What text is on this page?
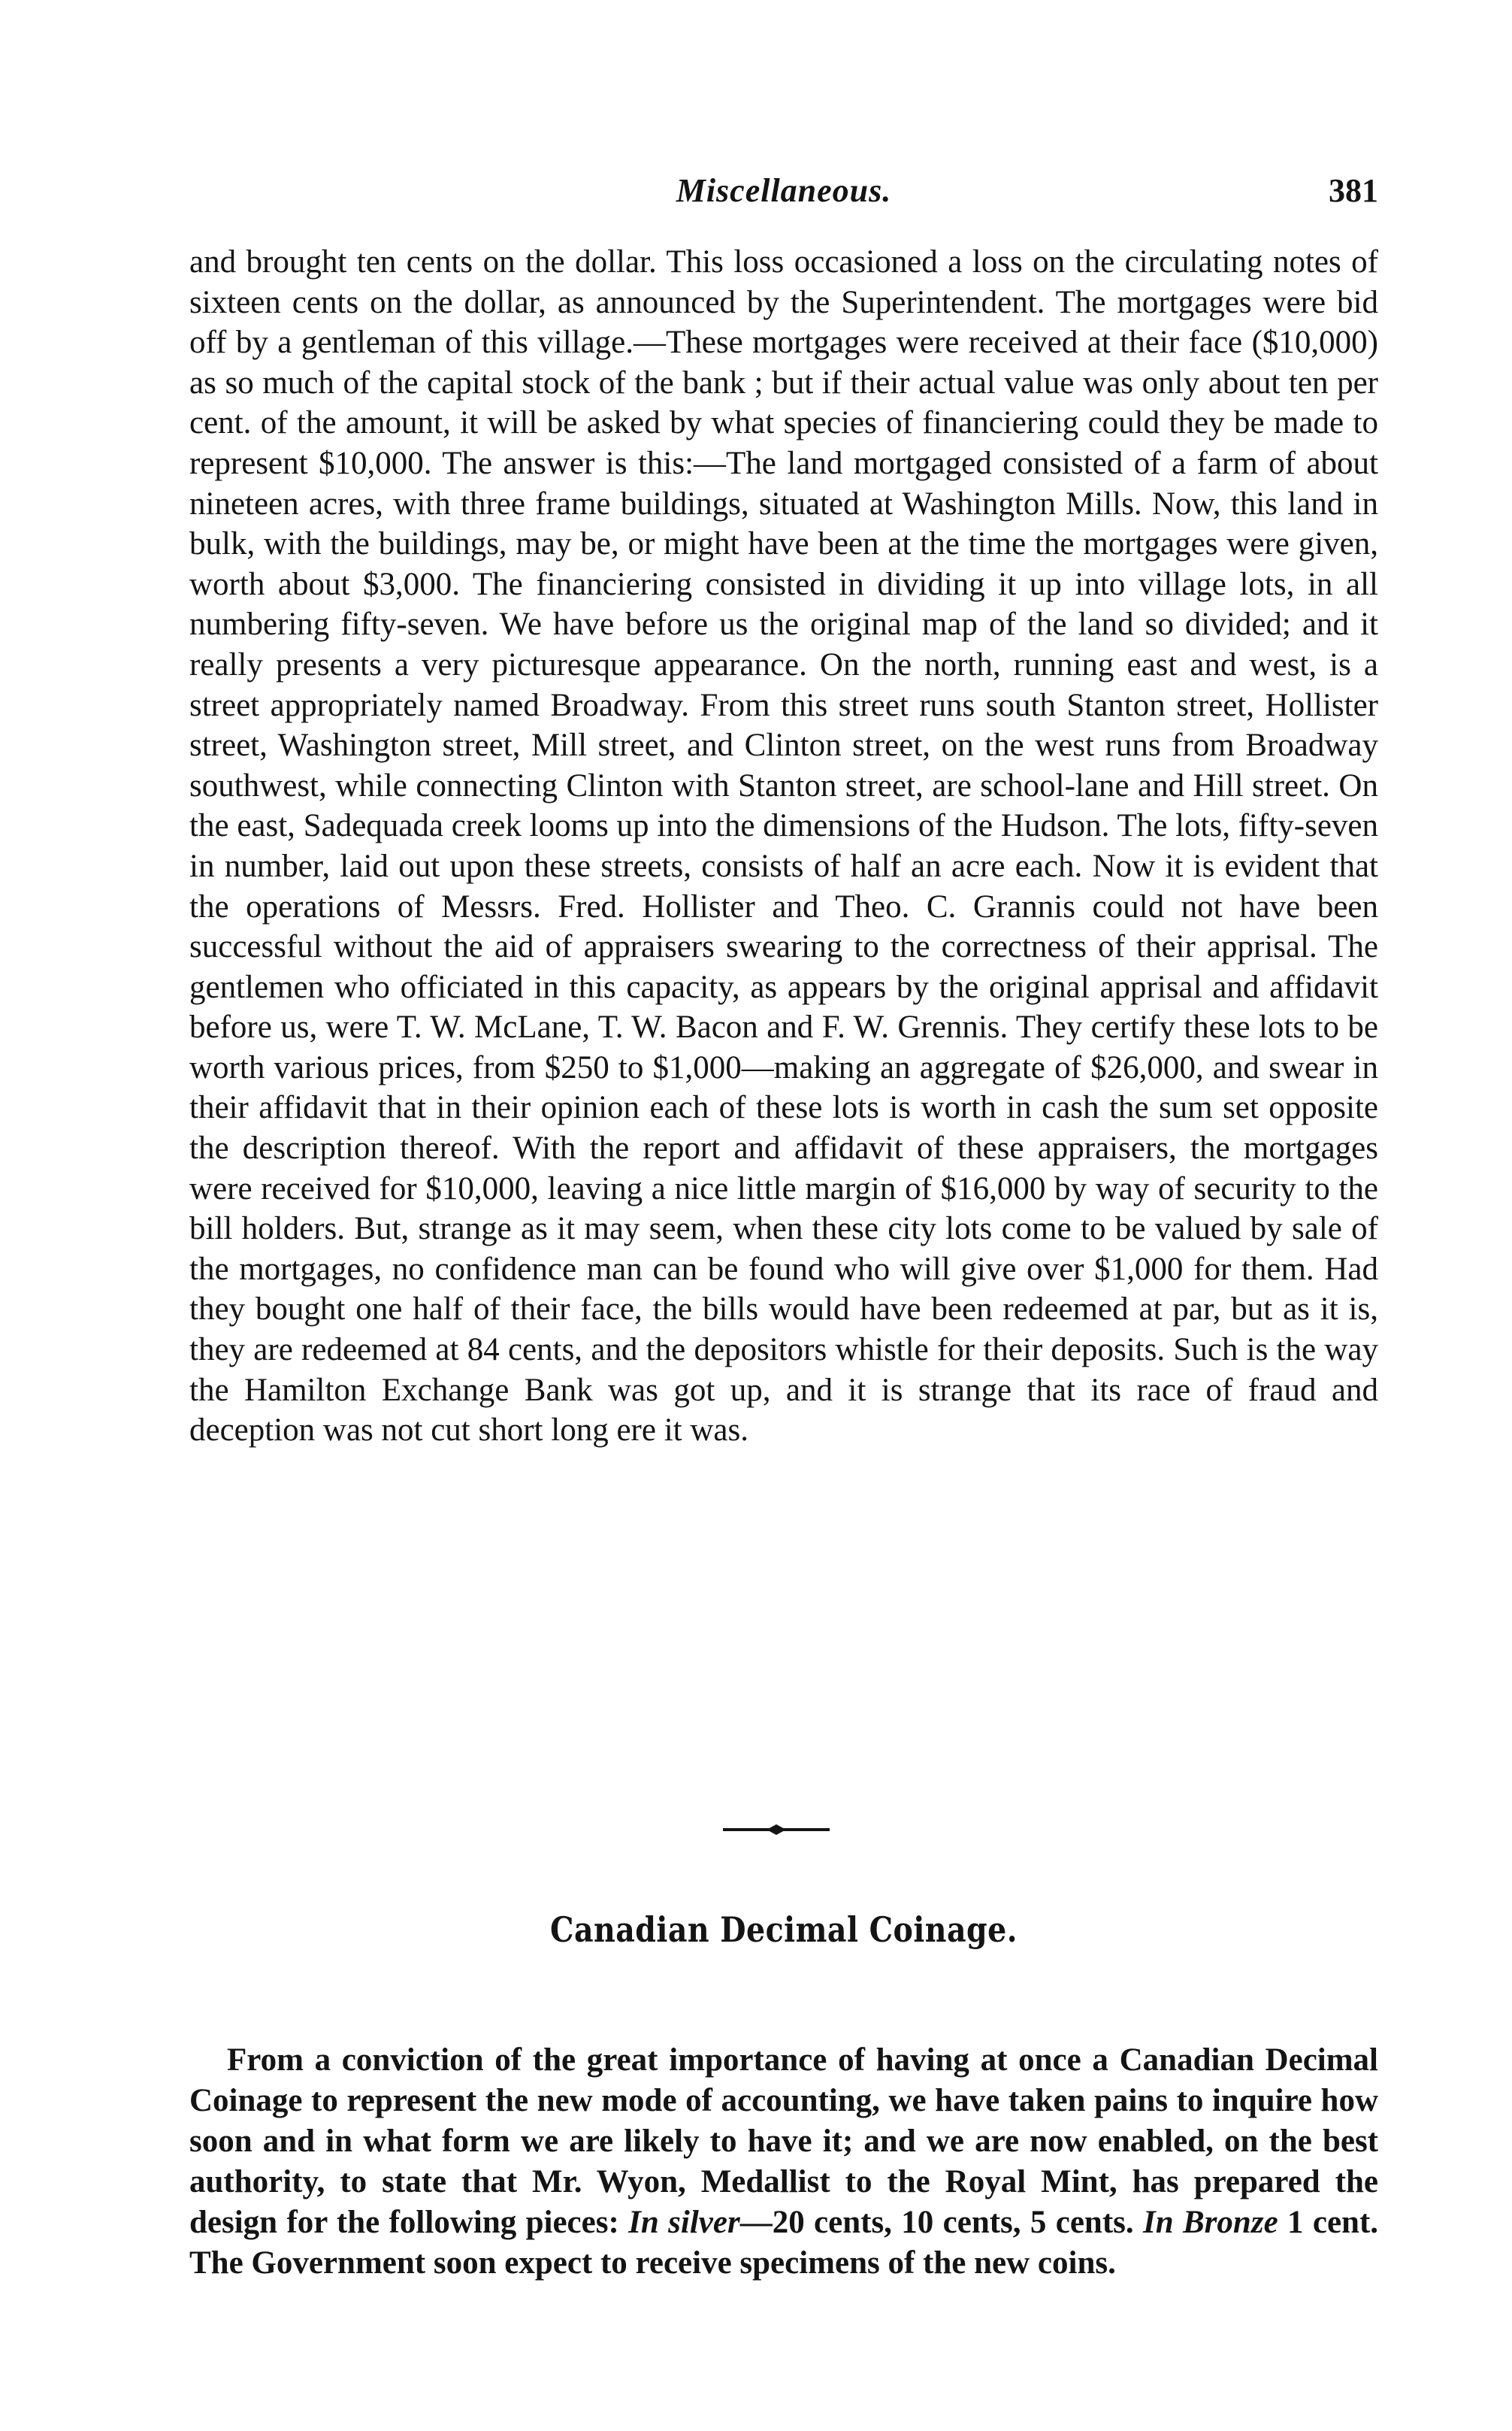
Miscellaneous.	381

and brought ten cents on the dollar. This loss occasioned a loss on the circulating notes of sixteen cents on the dollar, as announced by the Superintendent. The mortgages were bid off by a gentleman of this village.—These mortgages were received at their face ($10,000) as so much of the capital stock of the bank ; but if their actual value was only about ten per cent. of the amount, it will be asked by what species of financiering could they be made to represent $10,000. The answer is this:—The land mortgaged consisted of a farm of about nineteen acres, with three frame buildings, situated at Washington Mills. Now, this land in bulk, with the buildings, may be, or might have been at the time the mortgages were given, worth about $3,000. The financiering consisted in dividing it up into village lots, in all numbering fifty-seven. We have before us the original map of the land so divided; and it really presents a very picturesque appearance. On the north, running east and west, is a street appropriately named Broadway. From this street runs south Stanton street, Hollister street, Washington street, Mill street, and Clinton street, on the west runs from Broadway southwest, while connecting Clinton with Stanton street, are school-lane and Hill street. On the east, Sadequada creek looms up into the dimensions of the Hudson. The lots, fifty-seven in number, laid out upon these streets, consists of half an acre each. Now it is evident that the operations of Messrs. Fred. Hollister and Theo. C. Grannis could not have been successful without the aid of appraisers swearing to the correctness of their apprisal. The gentlemen who officiated in this capacity, as appears by the original apprisal and affidavit before us, were T. W. McLane, T. W. Bacon and F. W. Grennis. They certify these lots to be worth various prices, from $250 to $1,000—making an aggregate of $26,000, and swear in their affidavit that in their opinion each of these lots is worth in cash the sum set opposite the description thereof. With the report and affidavit of these appraisers, the mortgages were received for $10,000, leaving a nice little margin of $16,000 by way of security to the bill holders. But, strange as it may seem, when these city lots come to be valued by sale of the mortgages, no confidence man can be found who will give over $1,000 for them. Had they bought one half of their face, the bills would have been redeemed at par, but as it is, they are redeemed at 84 cents, and the depositors whistle for their deposits. Such is the way the Hamilton Exchange Bank was got up, and it is strange that its race of fraud and deception was not cut short long ere it was.

Canadian Decimal Coinage.

From a conviction of the great importance of having at once a Canadian Decimal Coinage to represent the new mode of accounting, we have taken pains to inquire how soon and in what form we are likely to have it; and we are now enabled, on the best authority, to state that Mr. Wyon, Medallist to the Royal Mint, has prepared the design for the following pieces: In silver—20 cents, 10 cents, 5 cents. In Bronze 1 cent. The Government soon expect to receive specimens of the new coins.
